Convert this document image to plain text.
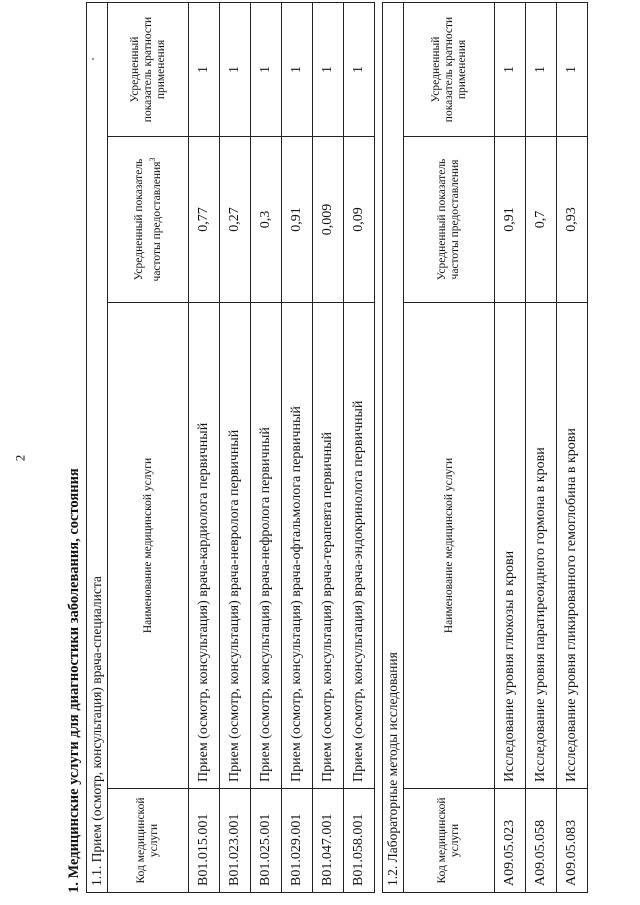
2
1. Медицинские услуги для диагностики заболевания, состояния 1.1. Прием (осмотр, консультация) врача-специалиста			
Код медицинской услуги	Наименование медицинской услуги	Усредненный показатель частоты предоставления$^3$	Усредненный показатель кратности применения
B01.015.001	Прием (осмотр, консультация) врача-кардиолога первичный	0,77	1
B01.023.001	Прием (осмотр, консультация) врача-невролога первичный	0,27	1
B01.025.001	Прием (осмотр, консультация) врача-нефролога первичный	0,3	1
B01.029.001	Прием (осмотр, консультация) врача-офтальмолога первичный	0,91	1
B01.047.001	Прием (осмотр, консультация) врача-терапевта первичный	0,009	1
B01.058.001	Прием (осмотр, консультация) врача-эндокринолога первичный	0,09	1
1.2. Лабораторные методы исследования			
Код медицинской услуги	Наименование медицинской услуги	Усредненный показатель частоты предоставления	Усредненный показатель кратности применения
A09.05.023	Исследование уровня глюкозы в крови	0,91	1
A09.05.058	Исследование уровня паратиреоидного гормона в крови	0,7	1
A09.05.083	Исследование уровня гликированного гемоглобина в крови	0,93	1
